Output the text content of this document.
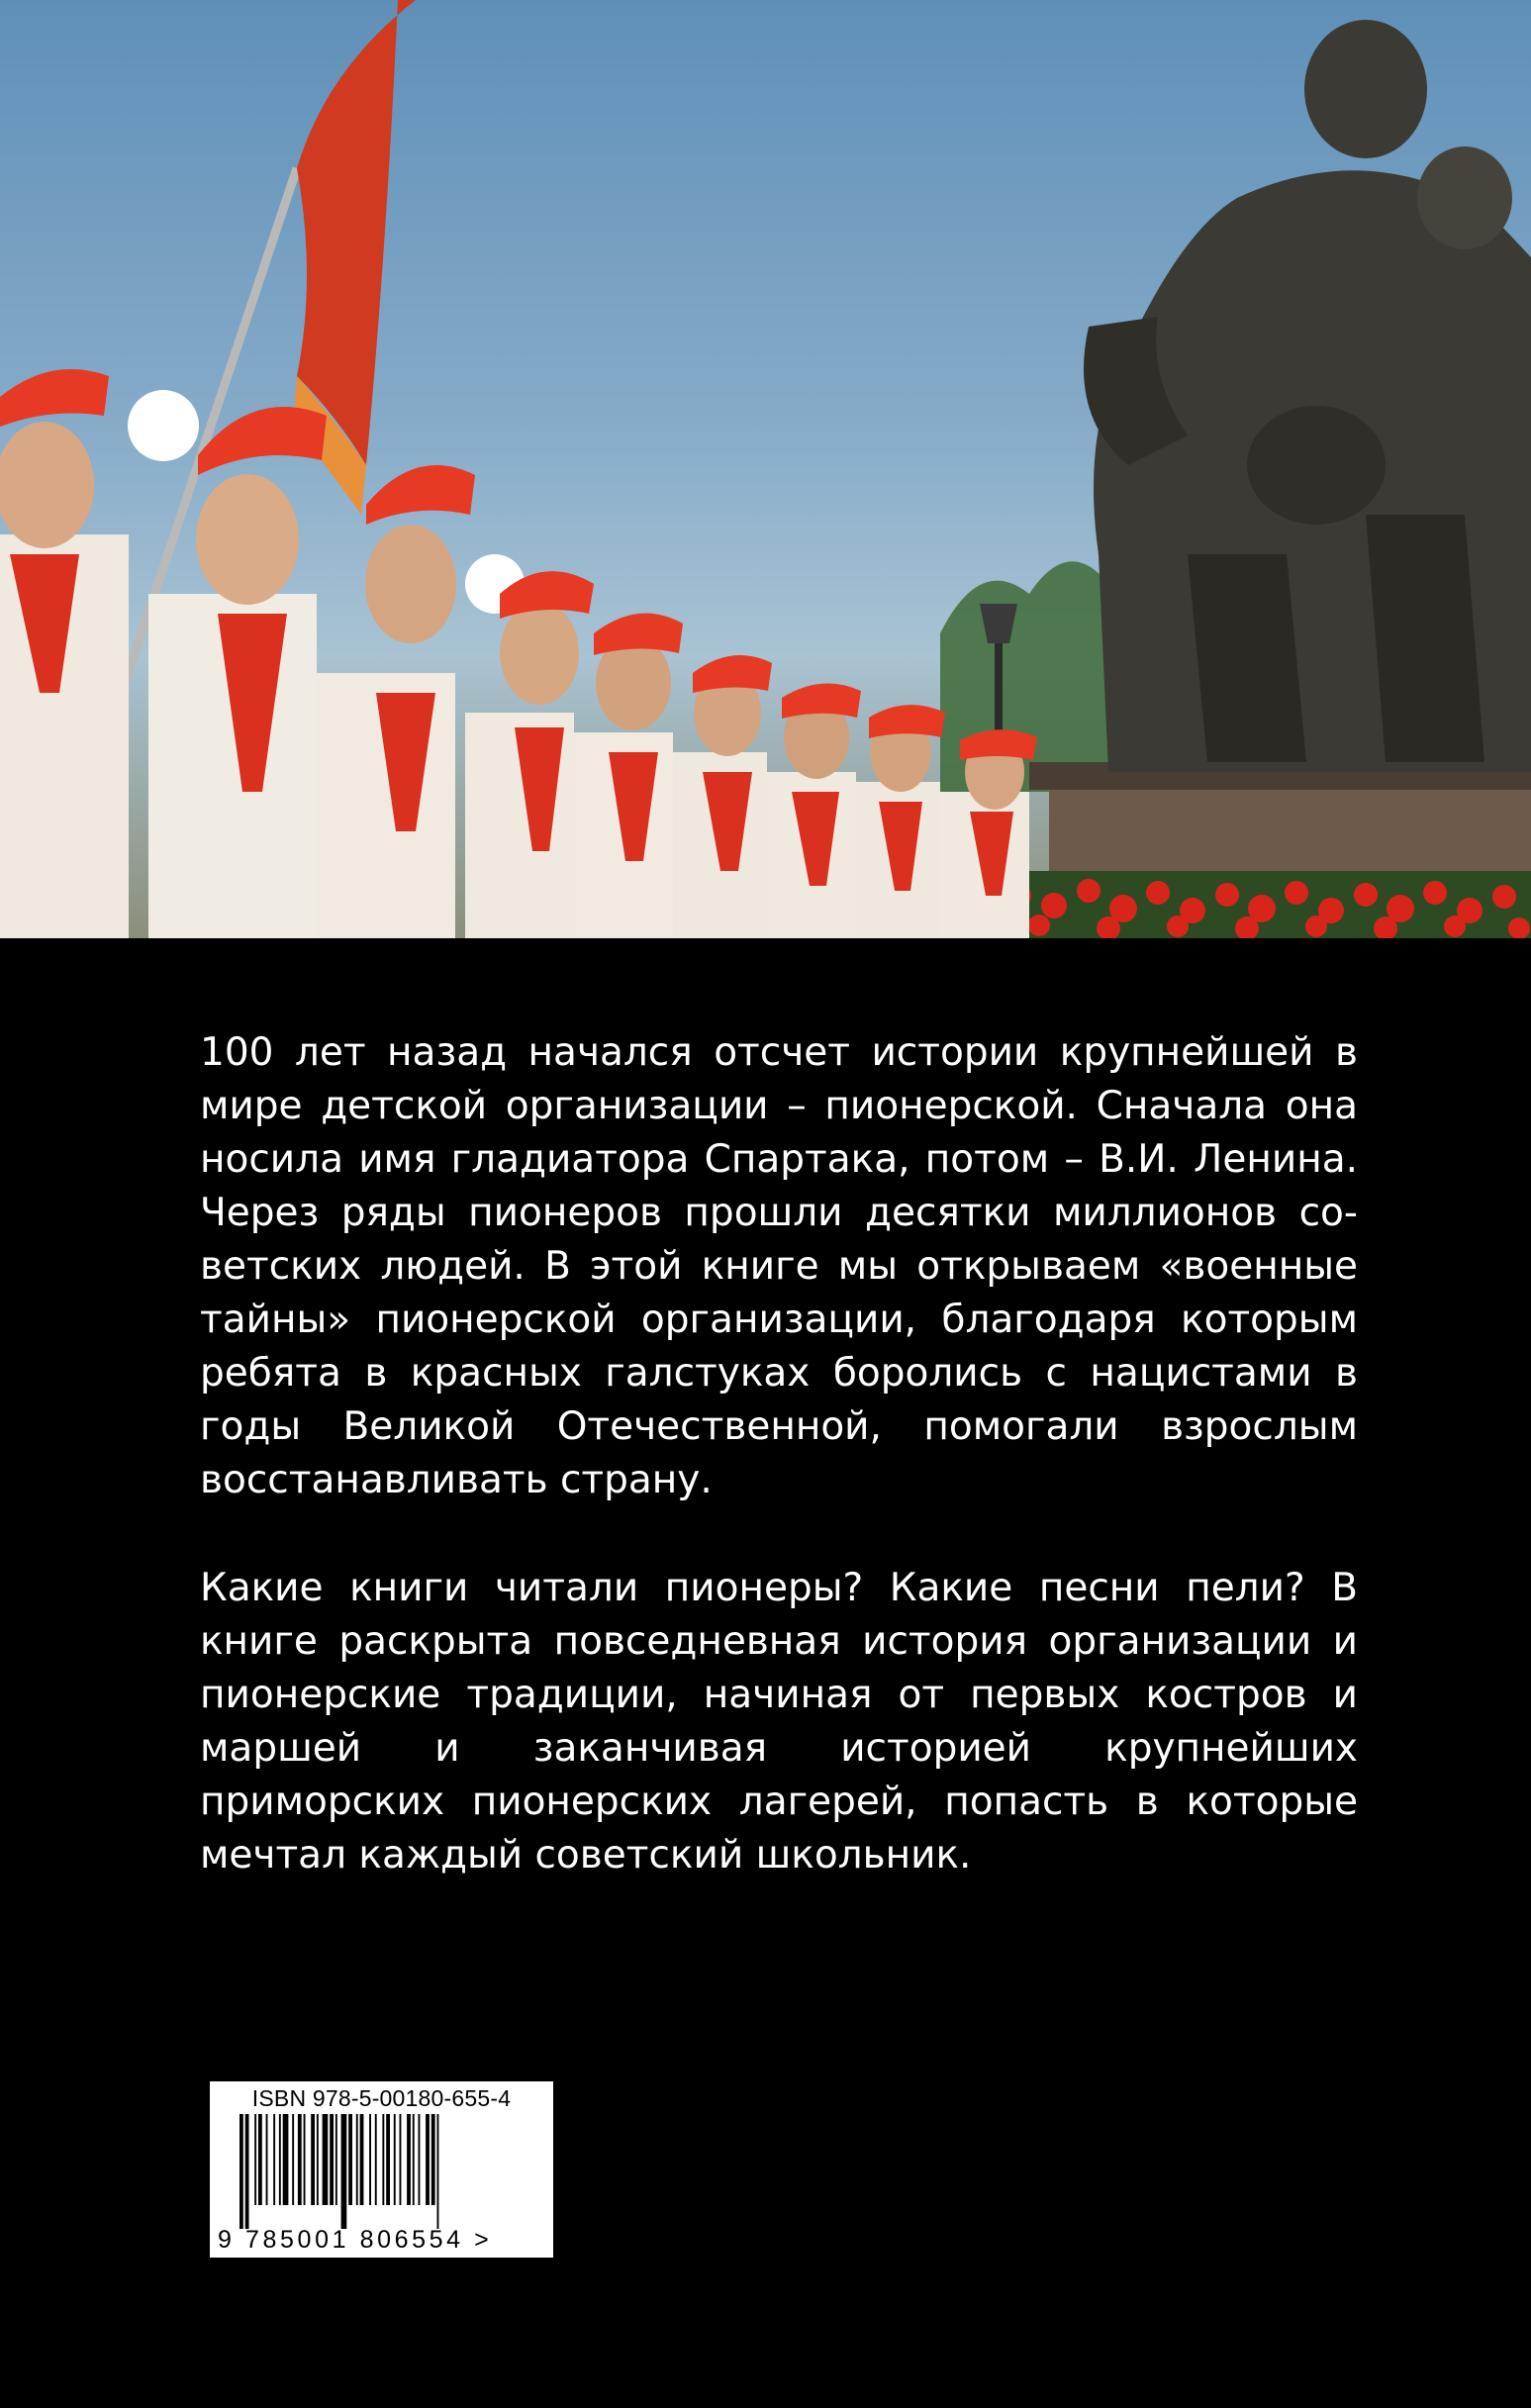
100 лет назад начался отсчет истории крупнейшей в мире детской организации – пионерской. Сначала она носила имя гладиатора Спартака, потом – В.И. Ленина. Через ряды пионеров прошли десятки миллионов советских людей. В этой книге мы открываем «военные тайны» пионерской организации, благодаря которым ребята в красных галстуках боролись с нацистами в годы Великой Отечественной, помогали взрослым восстанавливать страну.

Какие книги читали пионеры? Какие песни пели? В книге раскрыта повседневная история организации и пионерские традиции, начиная от первых костров и маршей и заканчивая историей крупнейших приморских пионерских лагерей, попасть в которые мечтал каждый советский школьник.

ISBN 978-5-00180-655-4
9 785001 806554 >
